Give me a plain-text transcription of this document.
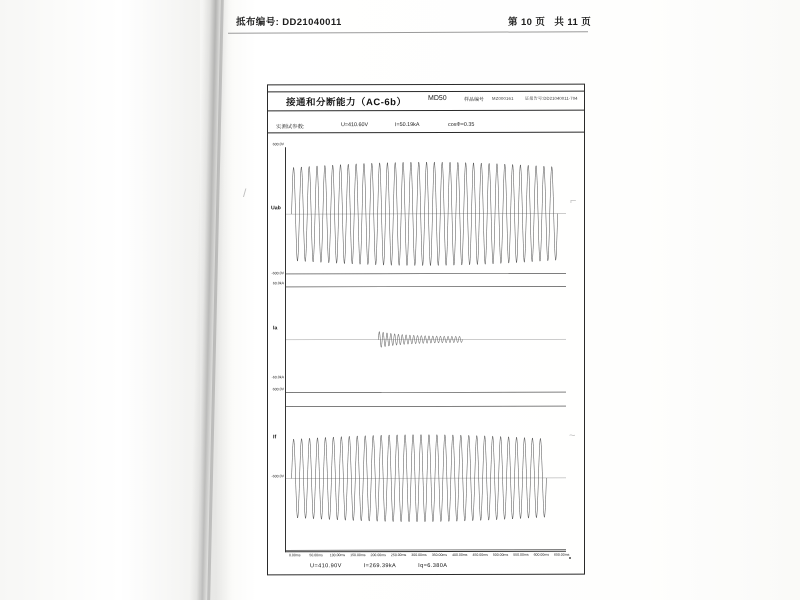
抵布编号: DD21040011	第 10 页 共 11 页
接通和分断能力（AC-6b）	MD50	样品编号 MZ000161	证报告号:DD21040011-704
实测试参数:	U=410.60V	I=50.19kA	cosΦ=0.35
600.0V
Uab
-600.0V
60.0kA
Ia
-60.0kA
600.0V
If
-600.0V
0.00ms	50.00ms 100.00ms 150.00ms 200.00ms 250.00ms 300.00ms 350.00ms 400.00ms 450.00ms 500.00ms 550.00ms 600.00ms 650.00ms
U=410.90V	I=269.39kA	Iq=6.380A
/
⌐
~
